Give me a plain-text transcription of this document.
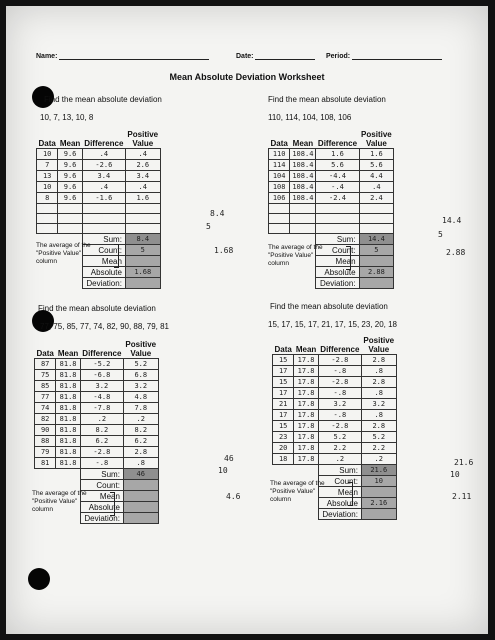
Name:	Date:	Period:
Mean Absolute Deviation Worksheet
Find the mean absolute deviation
10, 7, 13, 10, 8
Data	Mean	Difference	Positive
Value

10	9.6	.4	.4
7	9.6	-2.6	2.6
13	9.6	3.4	3.4
10	9.6	.4	.4
8	9.6	-1.6	1.6

		Sum:	8.4
		Count:	5
		Mean	
		Absolute	1.68
		Deviation:	
The average of the
"Positive Value"
column
8.4
5
1.68
Find the mean absolute deviation
110, 114, 104, 108, 106
Data	Mean	Difference	Positive
Value

110	108.4	1.6	1.6
114	108.4	5.6	5.6
104	108.4	-4.4	4.4
108	108.4	-.4	.4
106	108.4	-2.4	2.4

		Sum:	14.4
		Count:	5
		Mean	
		Absolute	2.88
		Deviation:	
The average of the
"Positive Value"
column
14.4
5
2.88
Find the mean absolute deviation
77, 75, 85, 77, 74, 82, 90, 88, 79, 81
Data	Mean	Difference	Positive
Value

87	81.8	-5.2	5.2
75	81.8	-6.8	6.8
85	81.8	3.2	3.2
77	81.8	-4.8	4.8
74	81.8	-7.8	7.8
82	81.8	.2	.2
90	81.8	8.2	8.2
88	81.8	6.2	6.2
79	81.8	-2.8	2.8
81	81.8	-.8	.8
		Sum:	46
		Count:	
		Mean	
		Absolute	
		Deviation:	
The average of the
"Positive Value"
column
46
10
4.6
Find the mean absolute deviation
15, 17, 15, 17, 21, 17, 15, 23, 20, 18
Data	Mean	Difference	Positive
Value

15	17.8	-2.8	2.8
17	17.8	-.8	.8
15	17.8	-2.8	2.8
17	17.8	-.8	.8
21	17.8	3.2	3.2
17	17.8	-.8	.8
15	17.8	-2.8	2.8
23	17.8	5.2	5.2
20	17.8	2.2	2.2
18	17.8	.2	.2
		Sum:	21.6
		Count:	10
		Mean	
		Absolute	2.16
		Deviation:	
The average of the
"Positive Value"
column
21.6
10
2.11
